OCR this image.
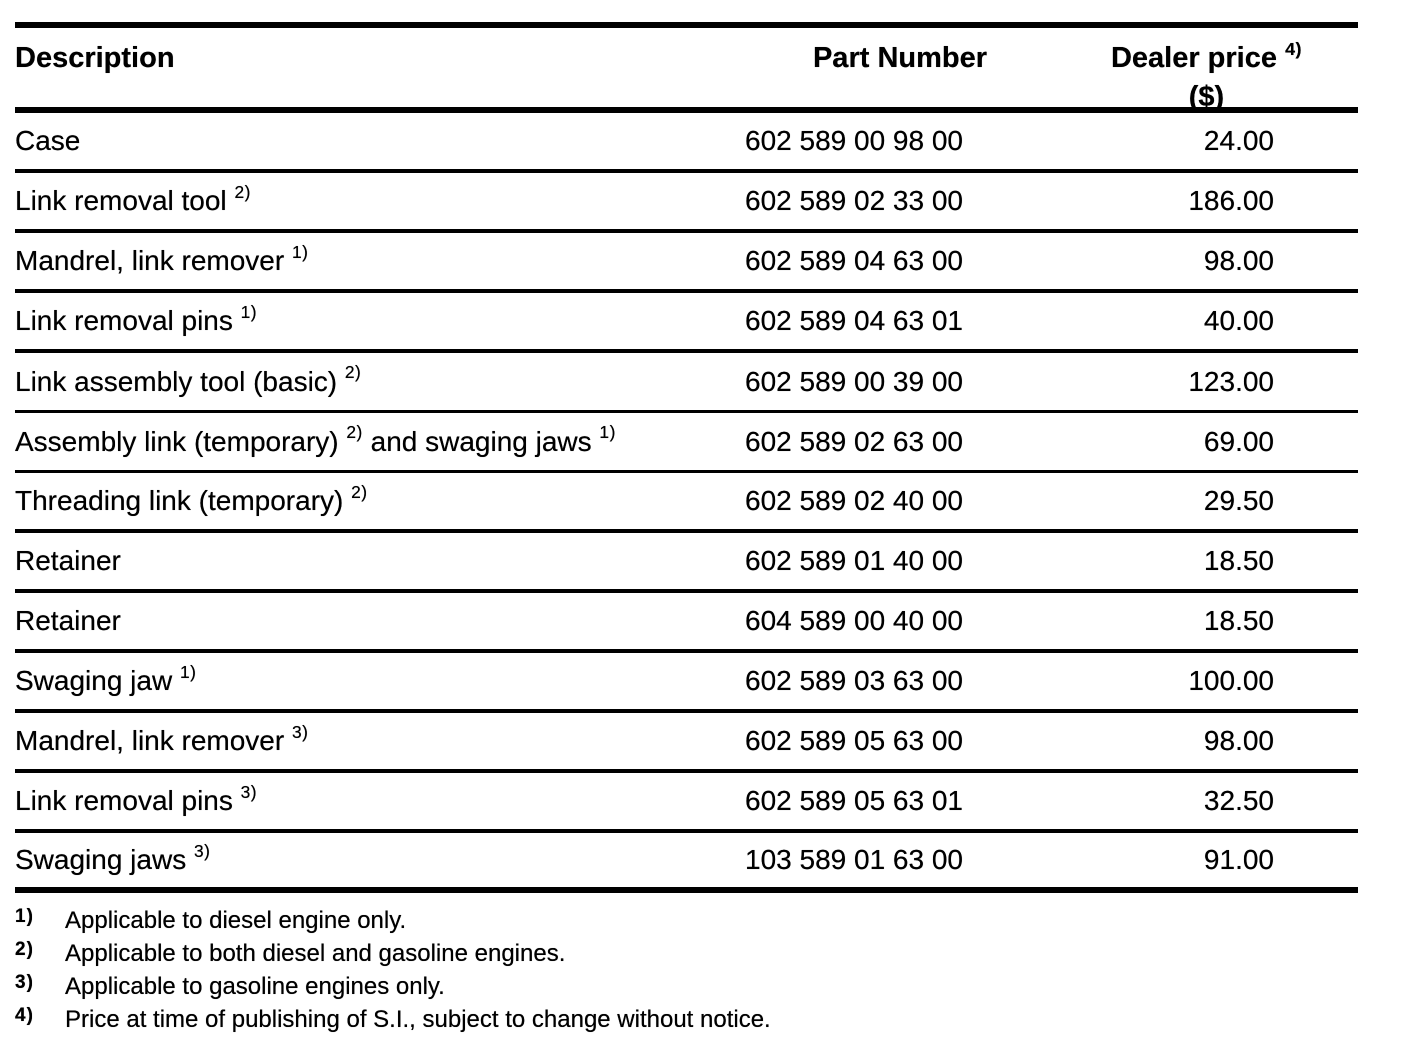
Description	Part Number	Dealer price $^{4)}$
($)
Case	602 589 00 98 00	24.00
Link removal tool $^{2)}$	602 589 02 33 00	186.00
Mandrel, link remover $^{1)}$	602 589 04 63 00	98.00
Link removal pins $^{1)}$	602 589 04 63 01	40.00
Link assembly tool (basic) $^{2)}$	602 589 00 39 00	123.00
Assembly link (temporary) $^{2)}$ and swaging jaws $^{1)}$	602 589 02 63 00	69.00
Threading link (temporary) $^{2)}$	602 589 02 40 00	29.50
Retainer	602 589 01 40 00	18.50
Retainer	604 589 00 40 00	18.50
Swaging jaw $^{1)}$	602 589 03 63 00	100.00
Mandrel, link remover $^{3)}$	602 589 05 63 00	98.00
Link removal pins $^{3)}$	602 589 05 63 01	32.50
Swaging jaws $^{3)}$	103 589 01 63 00	91.00
1)	Applicable to diesel engine only.
2)	Applicable to both diesel and gasoline engines.
3)	Applicable to gasoline engines only.
4)	Price at time of publishing of S.I., subject to change without notice.
